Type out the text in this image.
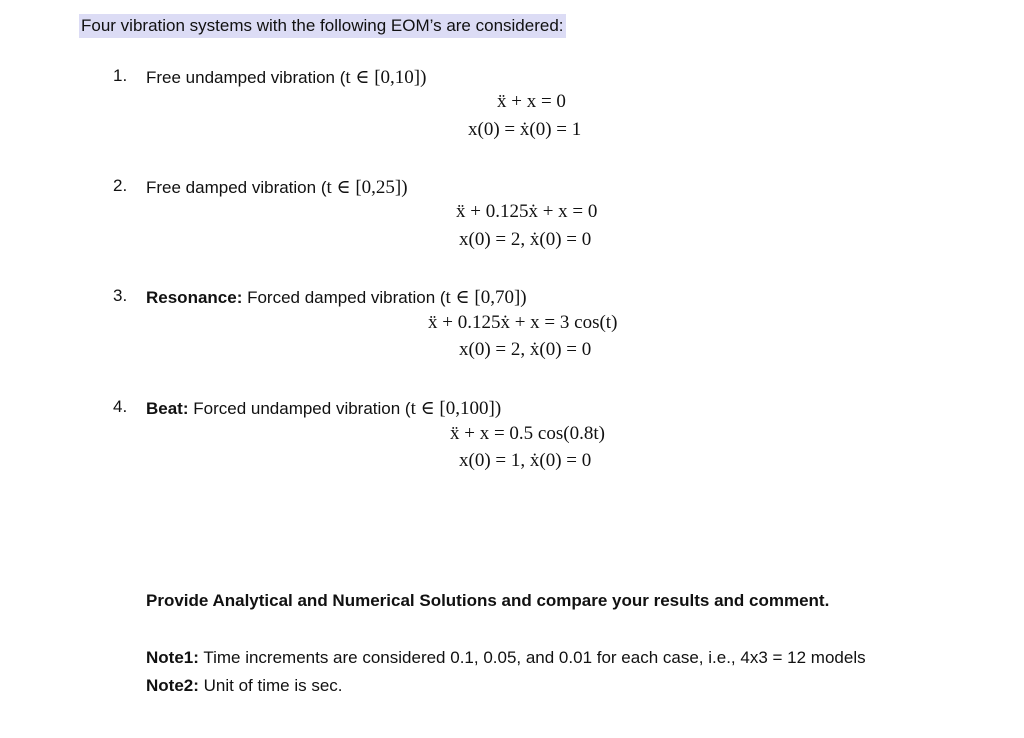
Four vibration systems with the following EOM’s are considered:
1. Free undamped vibration (t ∈ [0,10])
ẍ + x = 0
x(0) = ẋ(0) = 1
2. Free damped vibration (t ∈ [0,25])
ẍ + 0.125ẋ + x = 0
x(0) = 2, ẋ(0) = 0
3. Resonance: Forced damped vibration (t ∈ [0,70])
ẍ + 0.125ẋ + x = 3 cos(t)
x(0) = 2, ẋ(0) = 0
4. Beat: Forced undamped vibration (t ∈ [0,100])
ẍ + x = 0.5 cos(0.8t)
x(0) = 1, ẋ(0) = 0
Provide Analytical and Numerical Solutions and compare your results and comment.
Note1: Time increments are considered 0.1, 0.05, and 0.01 for each case, i.e., 4x3 = 12 models
Note2: Unit of time is sec.
